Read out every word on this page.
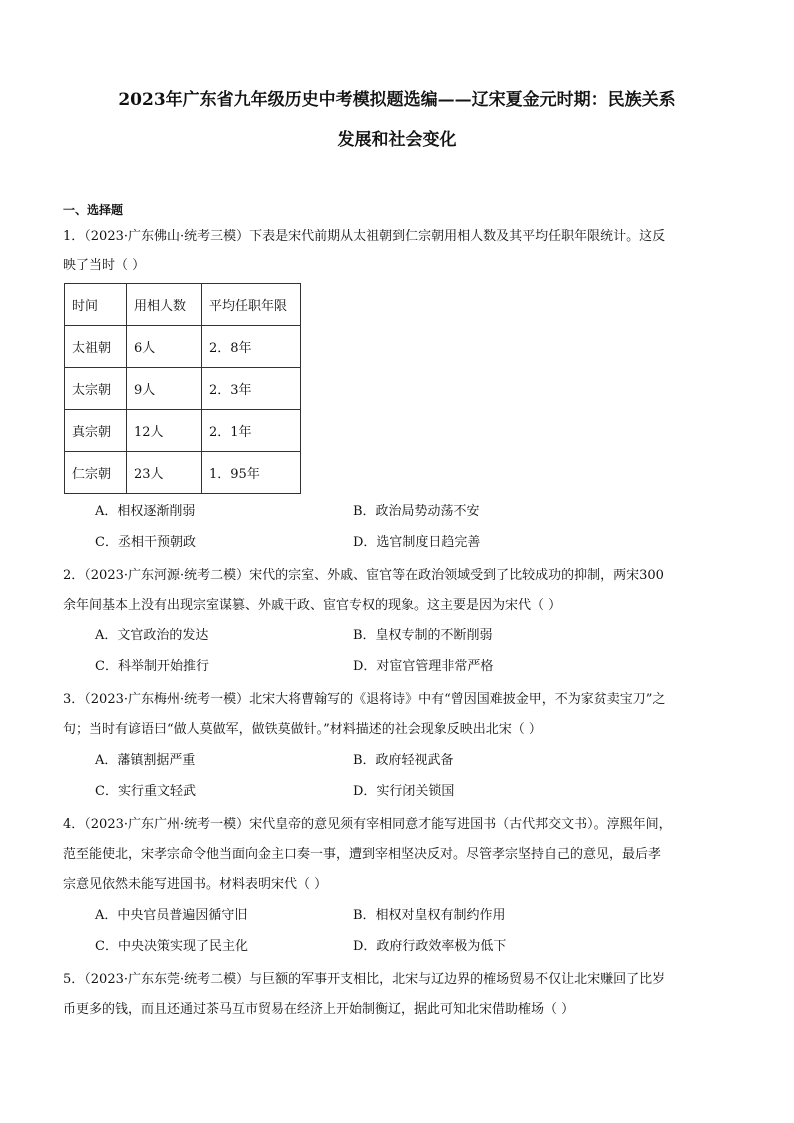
2023年广东省九年级历史中考模拟题选编——辽宋夏金元时期：民族关系
发展和社会变化
一、选择题
1．（2023·广东佛山·统考三模）下表是宋代前期从太祖朝到仁宗朝用相人数及其平均任职年限统计。这反
映了当时（ ）
时间	用相人数	平均任职年限
太祖朝	6人	2．8年
太宗朝	9人	2．3年
真宗朝	12人	2．1年
仁宗朝	23人	1．95年
A．相权逐渐削弱	B．政治局势动荡不安
C．丞相干预朝政	D．选官制度日趋完善
2．（2023·广东河源·统考二模）宋代的宗室、外戚、宦官等在政治领域受到了比较成功的抑制，两宋300
余年间基本上没有出现宗室谋篡、外戚干政、宦官专权的现象。这主要是因为宋代（ ）
A．文官政治的发达	B．皇权专制的不断削弱
C．科举制开始推行	D．对宦官管理非常严格
3．（2023·广东梅州·统考一模）北宋大将曹翰写的《退将诗》中有“曾因国难披金甲，不为家贫卖宝刀”之
句；当时有谚语曰“做人莫做军，做铁莫做针。”材料描述的社会现象反映出北宋（ ）
A．藩镇割据严重	B．政府轻视武备
C．实行重文轻武	D．实行闭关锁国
4．（2023·广东广州·统考一模）宋代皇帝的意见须有宰相同意才能写进国书（古代邦交文书）。淳熙年间，
范至能使北，宋孝宗命令他当面向金主口奏一事，遭到宰相坚决反对。尽管孝宗坚持自己的意见，最后孝
宗意见依然未能写进国书。材料表明宋代（ ）
A．中央官员普遍因循守旧	B．相权对皇权有制约作用
C．中央决策实现了民主化	D．政府行政效率极为低下
5．（2023·广东东莞·统考二模）与巨额的军事开支相比，北宋与辽边界的榷场贸易不仅让北宋赚回了比岁
币更多的钱，而且还通过茶马互市贸易在经济上开始制衡辽，据此可知北宋借助榷场（ ）
